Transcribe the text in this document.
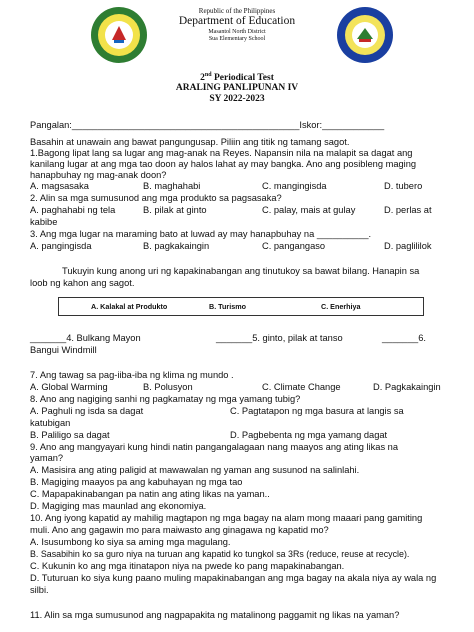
Republic of the Philippines
Department of Education
Masantol North District
Sua Elementary School
2nd Periodical Test
ARALING PANLIPUNAN IV
SY 2022-2023
Pangalan:____________________________________________Iskor:____________
Basahin at unawain ang bawat pangungusap. Piliin ang titik ng tamang sagot.
1.Bagong lipat lang sa lugar ang mag-anak na Reyes. Napansin nila na malapit sa dagat ang
kanilang lugar at ang mga tao doon ay halos lahat ay may bangka. Ano ang posibleng maging
hanapbuhay ng mag-anak doon?
A. magsasaka	B. maghahabi	C. mangingisda	D. tubero
2. Alin sa mga sumusunod ang mga produkto sa pagsasaka?
A. paghahabi ng tela	B. pilak at ginto	C. palay, mais at gulay	D. perlas at
kabibe
3. Ang mga lugar na maraming bato at luwad ay may hanapbuhay na __________.
A. pangingisda	B. pagkakaingin	C. pangangaso	D. paglililok
Tukuyin kung anong uri ng kapakinabangan ang tinutukoy sa bawat bilang. Hanapin sa
loob ng kahon ang sagot.
A. Kalakal at Produkto	B. Turismo	C. Enerhiya
_______4. Bulkang Mayon	_______5. ginto, pilak at tanso	_______6.
Bangui Windmill
7. Ang tawag sa pag-iiba-iba ng klima ng mundo .
A. Global Warming	B. Polusyon	C. Climate Change	D. Pagkakaingin
8. Ano ang nagiging sanhi ng pagkamatay ng mga yamang tubig?
A. Paghuli ng isda sa dagat	C. Pagtatapon ng mga basura at langis sa
katubigan
B. Paliligo sa dagat	D. Pagbebenta ng mga yamang dagat
9. Ano ang mangyayari kung hindi natin pangangalagaan nang maayos ang ating likas na
yaman?
A. Masisira ang ating paligid at mawawalan ng yaman ang susunod na salinlahi.
B. Magiging maayos pa ang kabuhayan ng mga tao
C. Mapapakinabangan pa natin ang ating likas na yaman..
D. Magiging mas maunlad ang ekonomiya.
10. Ang iyong kapatid ay mahilig magtapon ng mga bagay na alam mong maaari pang gamiting
muli. Ano ang gagawin mo para maiwasto ang ginagawa ng kapatid mo?
A. Isusumbong ko siya sa aming mga magulang.
B. Sasabihin ko sa guro niya na turuan ang kapatid ko tungkol sa 3Rs (reduce, reuse at recycle).
C. Kukunin ko ang mga itinatapon niya na pwede ko pang mapakinabangan.
D. Tuturuan ko siya kung paano muling mapakinabangan ang mga bagay na akala niya ay wala ng
silbi.
11. Alin sa mga sumusunod ang nagpapakita ng matalinong paggamit ng likas na yaman?
